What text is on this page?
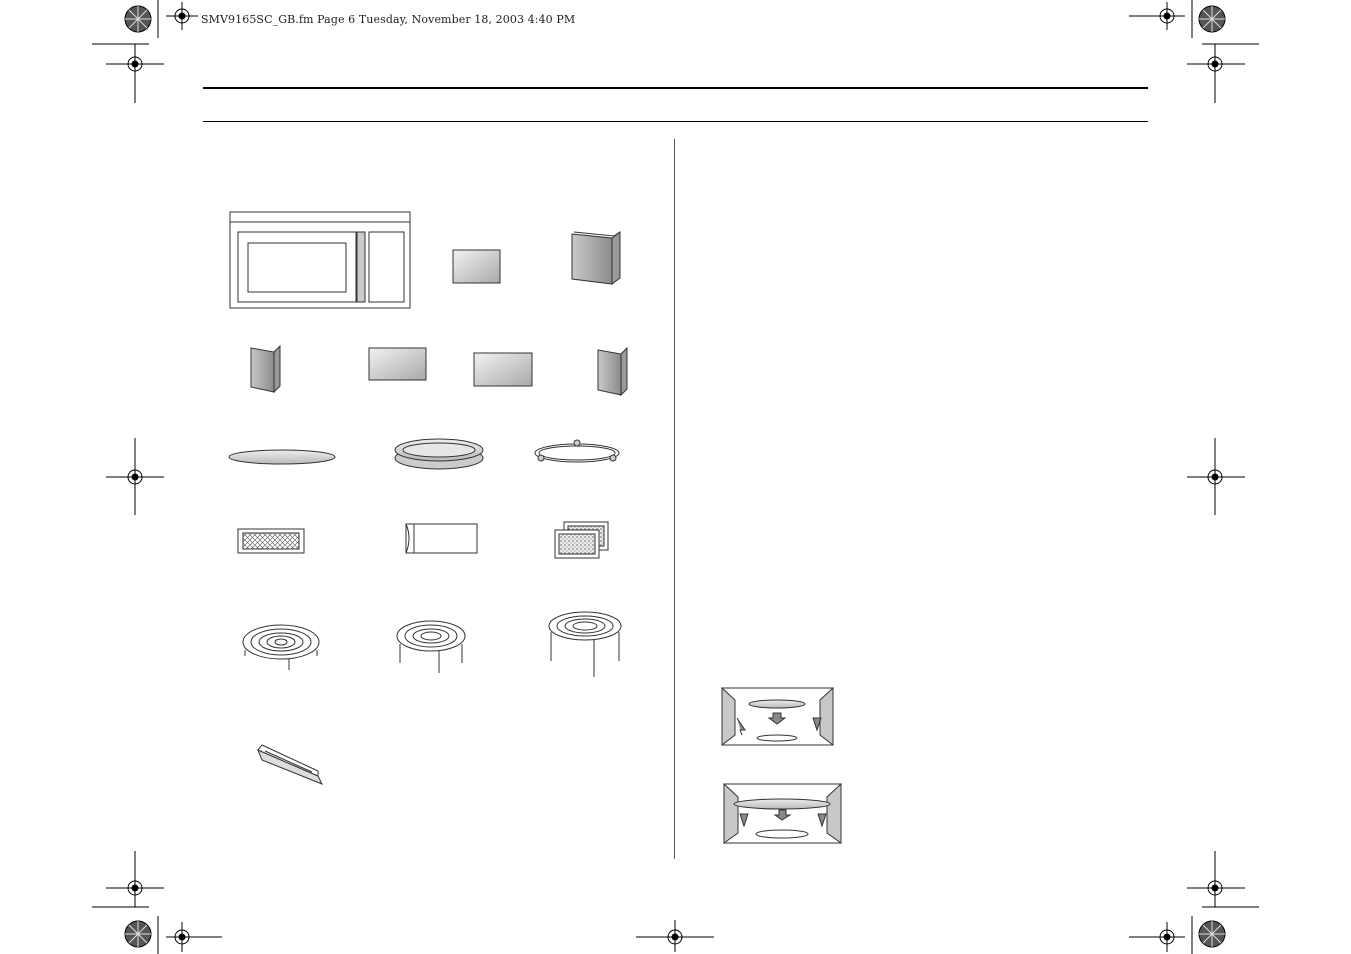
SMV9165SC_GB.fm Page 6 Tuesday, November 18, 2003 4:40 PM
